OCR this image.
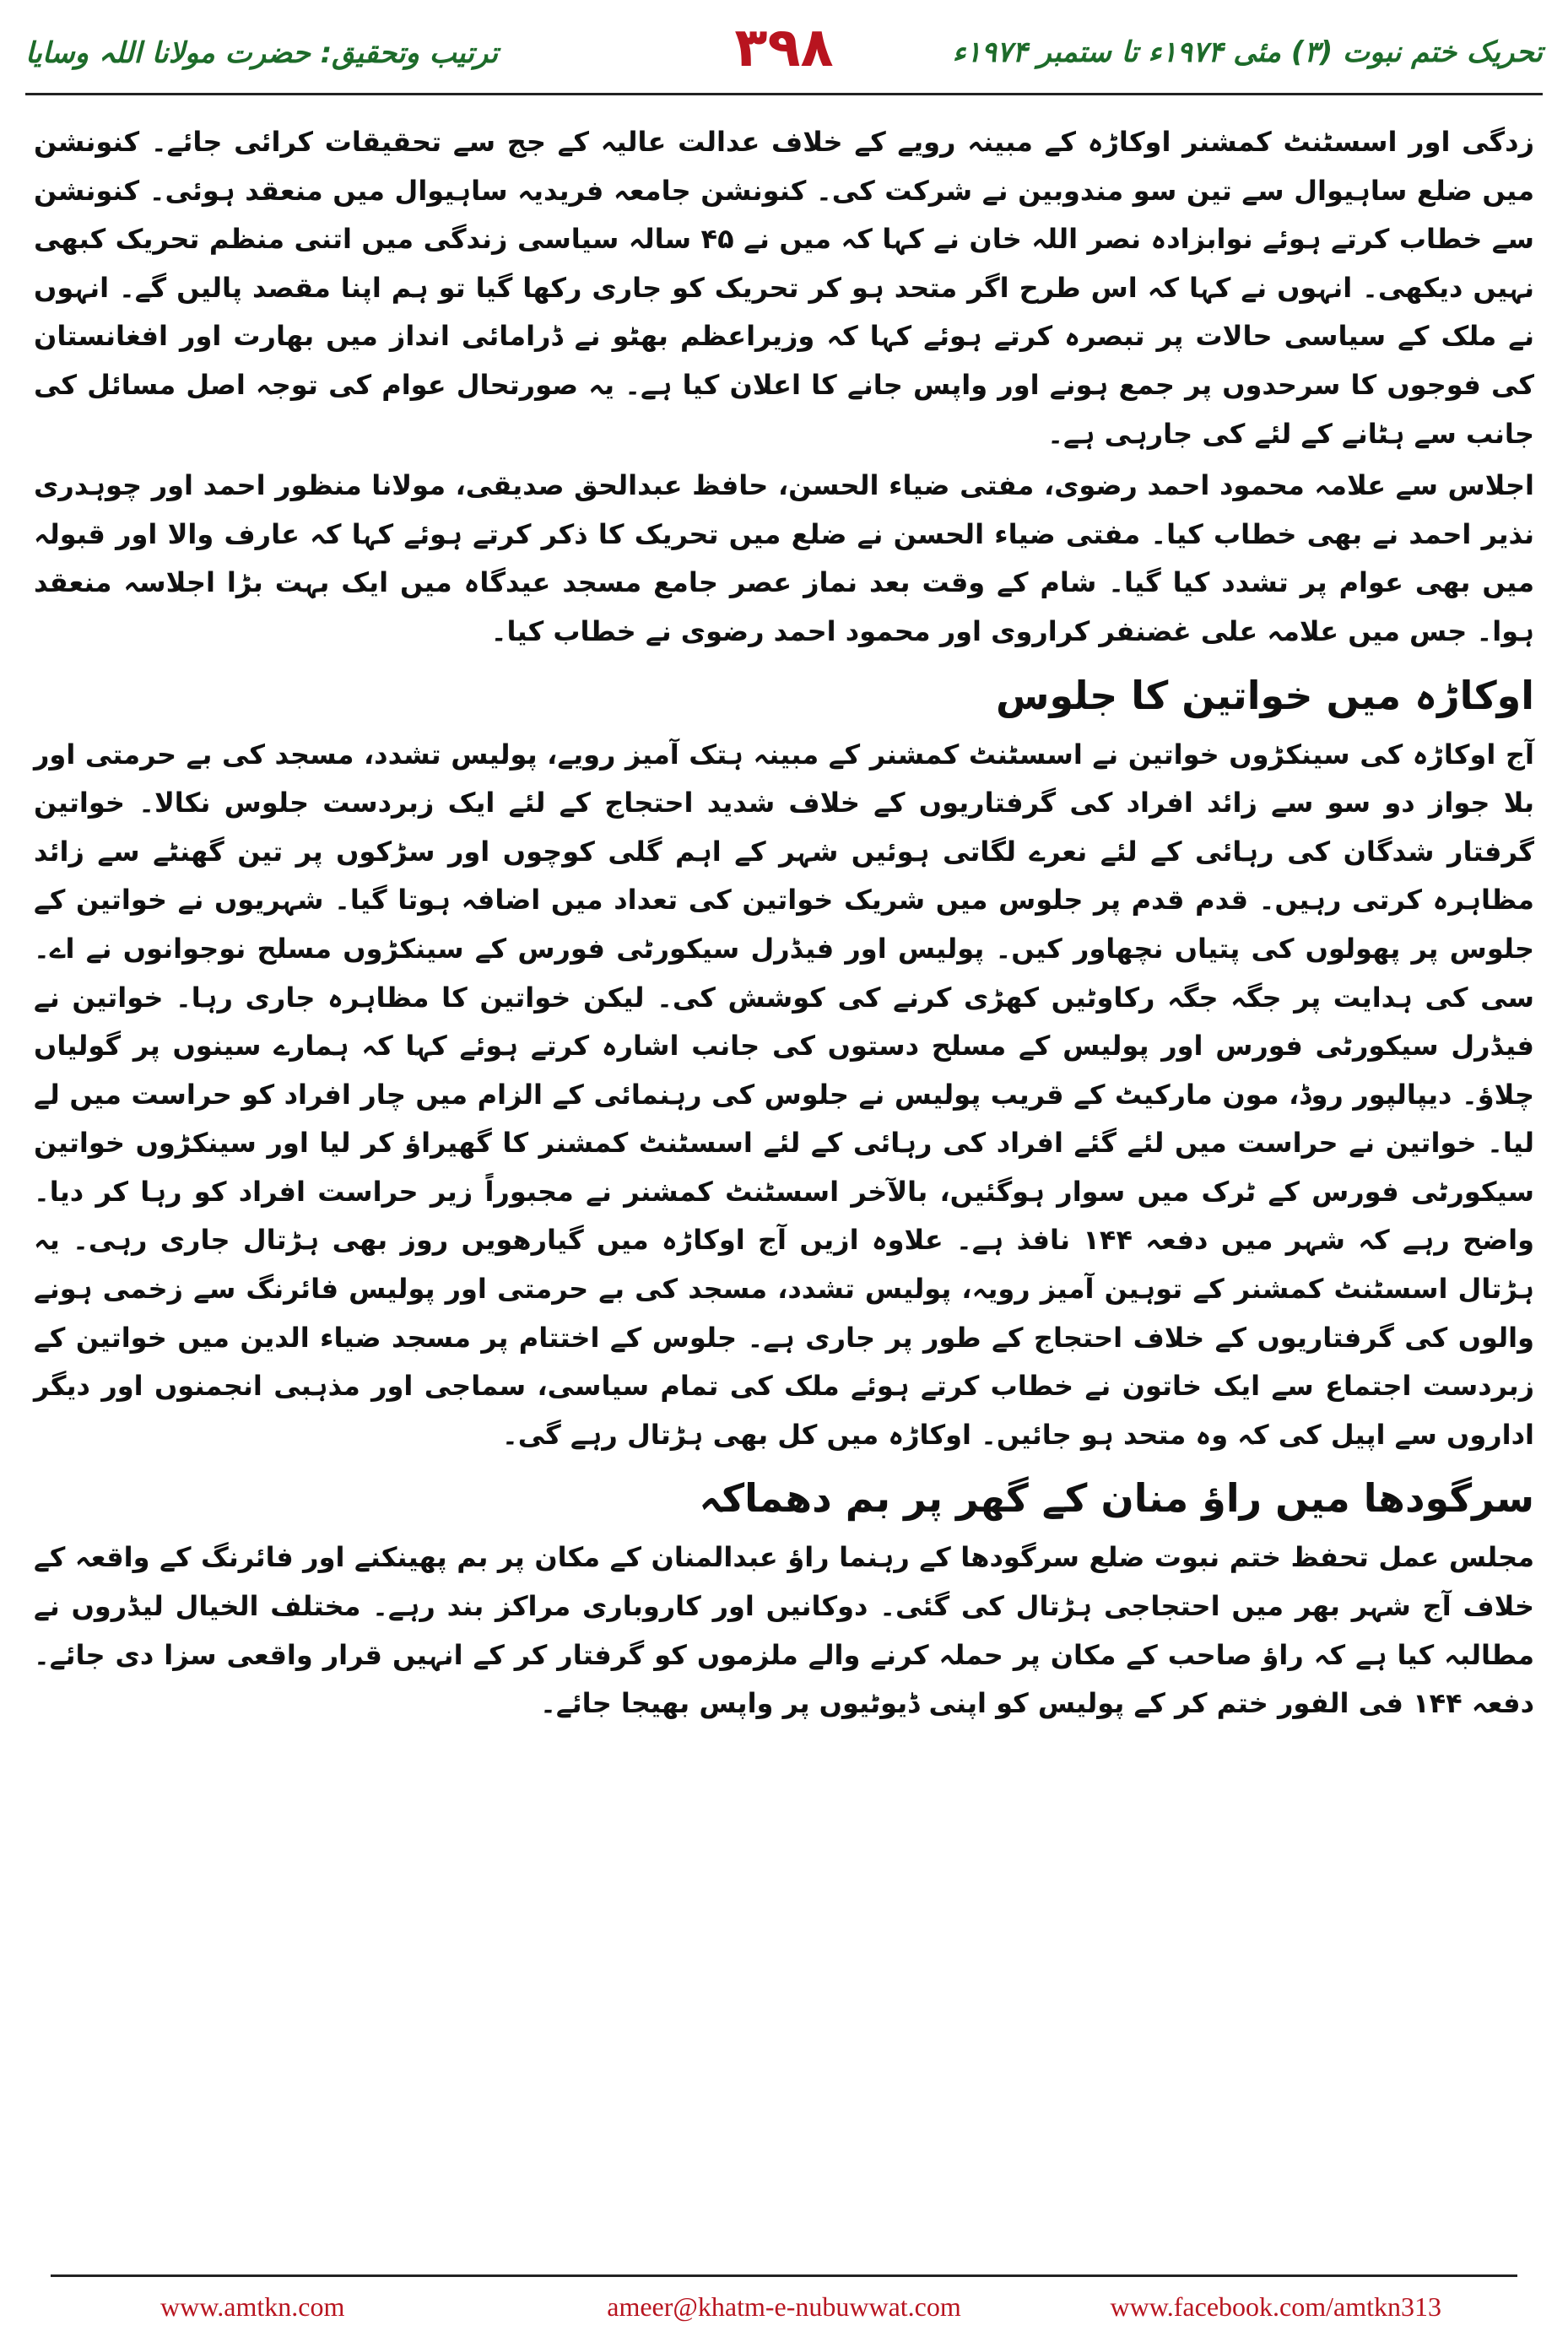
تحریک ختم نبوت (۳) مئی ۱۹۷۴ء تا ستمبر ۱۹۷۴ء
۳۹۸
ترتیب وتحقیق: حضرت مولانا اللہ وسایا

زدگی اور اسسٹنٹ کمشنر اوکاڑہ کے مبینہ رویے کے خلاف عدالت عالیہ کے جج سے تحقیقات کرائی جائے۔ کنونشن میں ضلع ساہیوال سے تین سو مندوبین نے شرکت کی۔ کنونشن جامعہ فریدیہ ساہیوال میں منعقد ہوئی۔ کنونشن سے خطاب کرتے ہوئے نوابزادہ نصر اللہ خان نے کہا کہ میں نے ۴۵ سالہ سیاسی زندگی میں اتنی منظم تحریک کبھی نہیں دیکھی۔ انہوں نے کہا کہ اس طرح اگر متحد ہو کر تحریک کو جاری رکھا گیا تو ہم اپنا مقصد پالیں گے۔ انہوں نے ملک کے سیاسی حالات پر تبصرہ کرتے ہوئے کہا کہ وزیراعظم بھٹو نے ڈرامائی انداز میں بھارت اور افغانستان کی فوجوں کا سرحدوں پر جمع ہونے اور واپس جانے کا اعلان کیا ہے۔ یہ صورتحال عوام کی توجہ اصل مسائل کی جانب سے ہٹانے کے لئے کی جارہی ہے۔

اجلاس سے علامہ محمود احمد رضوی، مفتی ضیاء الحسن، حافظ عبدالحق صدیقی، مولانا منظور احمد اور چوہدری نذیر احمد نے بھی خطاب کیا۔ مفتی ضیاء الحسن نے ضلع میں تحریک کا ذکر کرتے ہوئے کہا کہ عارف والا اور قبولہ میں بھی عوام پر تشدد کیا گیا۔ شام کے وقت بعد نماز عصر جامع مسجد عیدگاہ میں ایک بہت بڑا اجلاسہ منعقد ہوا۔ جس میں علامہ علی غضنفر کراروی اور محمود احمد رضوی نے خطاب کیا۔

اوکاڑہ میں خواتین کا جلوس

آج اوکاڑہ کی سینکڑوں خواتین نے اسسٹنٹ کمشنر کے مبینہ ہتک آمیز رویے، پولیس تشدد، مسجد کی بے حرمتی اور بلا جواز دو سو سے زائد افراد کی گرفتاریوں کے خلاف شدید احتجاج کے لئے ایک زبردست جلوس نکالا۔ خواتین گرفتار شدگان کی رہائی کے لئے نعرے لگاتی ہوئیں شہر کے اہم گلی کوچوں اور سڑکوں پر تین گھنٹے سے زائد مظاہرہ کرتی رہیں۔ قدم قدم پر جلوس میں شریک خواتین کی تعداد میں اضافہ ہوتا گیا۔ شہریوں نے خواتین کے جلوس پر پھولوں کی پتیاں نچھاور کیں۔ پولیس اور فیڈرل سیکورٹی فورس کے سینکڑوں مسلح نوجوانوں نے اے۔سی کی ہدایت پر جگہ جگہ رکاوٹیں کھڑی کرنے کی کوشش کی۔ لیکن خواتین کا مظاہرہ جاری رہا۔ خواتین نے فیڈرل سیکورٹی فورس اور پولیس کے مسلح دستوں کی جانب اشارہ کرتے ہوئے کہا کہ ہمارے سینوں پر گولیاں چلاؤ۔ دیپالپور روڈ، مون مارکیٹ کے قریب پولیس نے جلوس کی رہنمائی کے الزام میں چار افراد کو حراست میں لے لیا۔ خواتین نے حراست میں لئے گئے افراد کی رہائی کے لئے اسسٹنٹ کمشنر کا گھیراؤ کر لیا اور سینکڑوں خواتین سیکورٹی فورس کے ٹرک میں سوار ہوگئیں، بالآخر اسسٹنٹ کمشنر نے مجبوراً زیر حراست افراد کو رہا کر دیا۔ واضح رہے کہ شہر میں دفعہ ۱۴۴ نافذ ہے۔ علاوہ ازیں آج اوکاڑہ میں گیارھویں روز بھی ہڑتال جاری رہی۔ یہ ہڑتال اسسٹنٹ کمشنر کے توہین آمیز رویہ، پولیس تشدد، مسجد کی بے حرمتی اور پولیس فائرنگ سے زخمی ہونے والوں کی گرفتاریوں کے خلاف احتجاج کے طور پر جاری ہے۔ جلوس کے اختتام پر مسجد ضیاء الدین میں خواتین کے زبردست اجتماع سے ایک خاتون نے خطاب کرتے ہوئے ملک کی تمام سیاسی، سماجی اور مذہبی انجمنوں اور دیگر اداروں سے اپیل کی کہ وہ متحد ہو جائیں۔ اوکاڑہ میں کل بھی ہڑتال رہے گی۔

سرگودھا میں راؤ منان کے گھر پر بم دھماکہ

مجلس عمل تحفظ ختم نبوت ضلع سرگودھا کے رہنما راؤ عبدالمنان کے مکان پر بم پھینکنے اور فائرنگ کے واقعہ کے خلاف آج شہر بھر میں احتجاجی ہڑتال کی گئی۔ دوکانیں اور کاروباری مراکز بند رہے۔ مختلف الخیال لیڈروں نے مطالبہ کیا ہے کہ راؤ صاحب کے مکان پر حملہ کرنے والے ملزموں کو گرفتار کر کے انہیں قرار واقعی سزا دی جائے۔ دفعہ ۱۴۴ فی الفور ختم کر کے پولیس کو اپنی ڈیوٹیوں پر واپس بھیجا جائے۔

www.amtkn.com	ameer@khatm-e-nubuwwat.com	www.facebook.com/amtkn313
